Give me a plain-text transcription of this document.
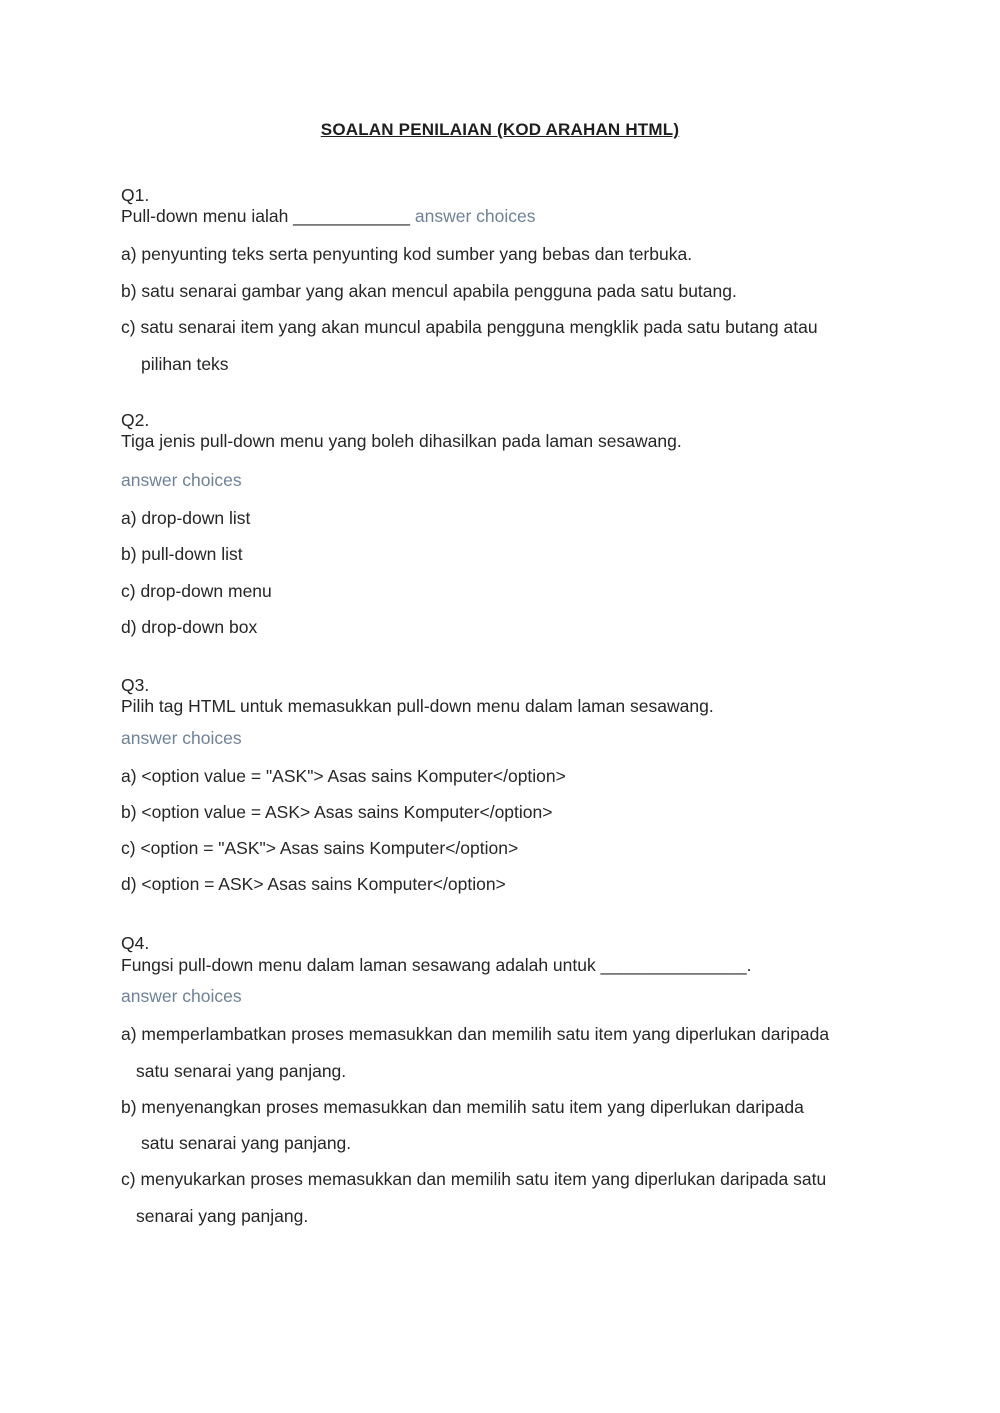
SOALAN PENILAIAN (KOD ARAHAN HTML)
Q1.
Pull-down menu ialah ____________ answer choices
a) penyunting teks serta penyunting kod sumber yang bebas dan terbuka.
b) satu senarai gambar yang akan mencul apabila pengguna pada satu butang.
c) satu senarai item yang akan muncul apabila pengguna mengklik pada satu butang atau
pilihan teks
Q2.
Tiga jenis pull-down menu yang boleh dihasilkan pada laman sesawang.
answer choices
a) drop-down list
b) pull-down list
c) drop-down menu
d) drop-down box
Q3.
Pilih tag HTML untuk memasukkan pull-down menu dalam laman sesawang.
answer choices
a) <option value = "ASK"> Asas sains Komputer</option>
b) <option value = ASK> Asas sains Komputer</option>
c) <option = "ASK"> Asas sains Komputer</option>
d) <option = ASK> Asas sains Komputer</option>
Q4.
Fungsi pull-down menu dalam laman sesawang adalah untuk _______________.
answer choices
a) memperlambatkan proses memasukkan dan memilih satu item yang diperlukan daripada
satu senarai yang panjang.
b) menyenangkan proses memasukkan dan memilih satu item yang diperlukan daripada
satu senarai yang panjang.
c) menyukarkan proses memasukkan dan memilih satu item yang diperlukan daripada satu
senarai yang panjang.
